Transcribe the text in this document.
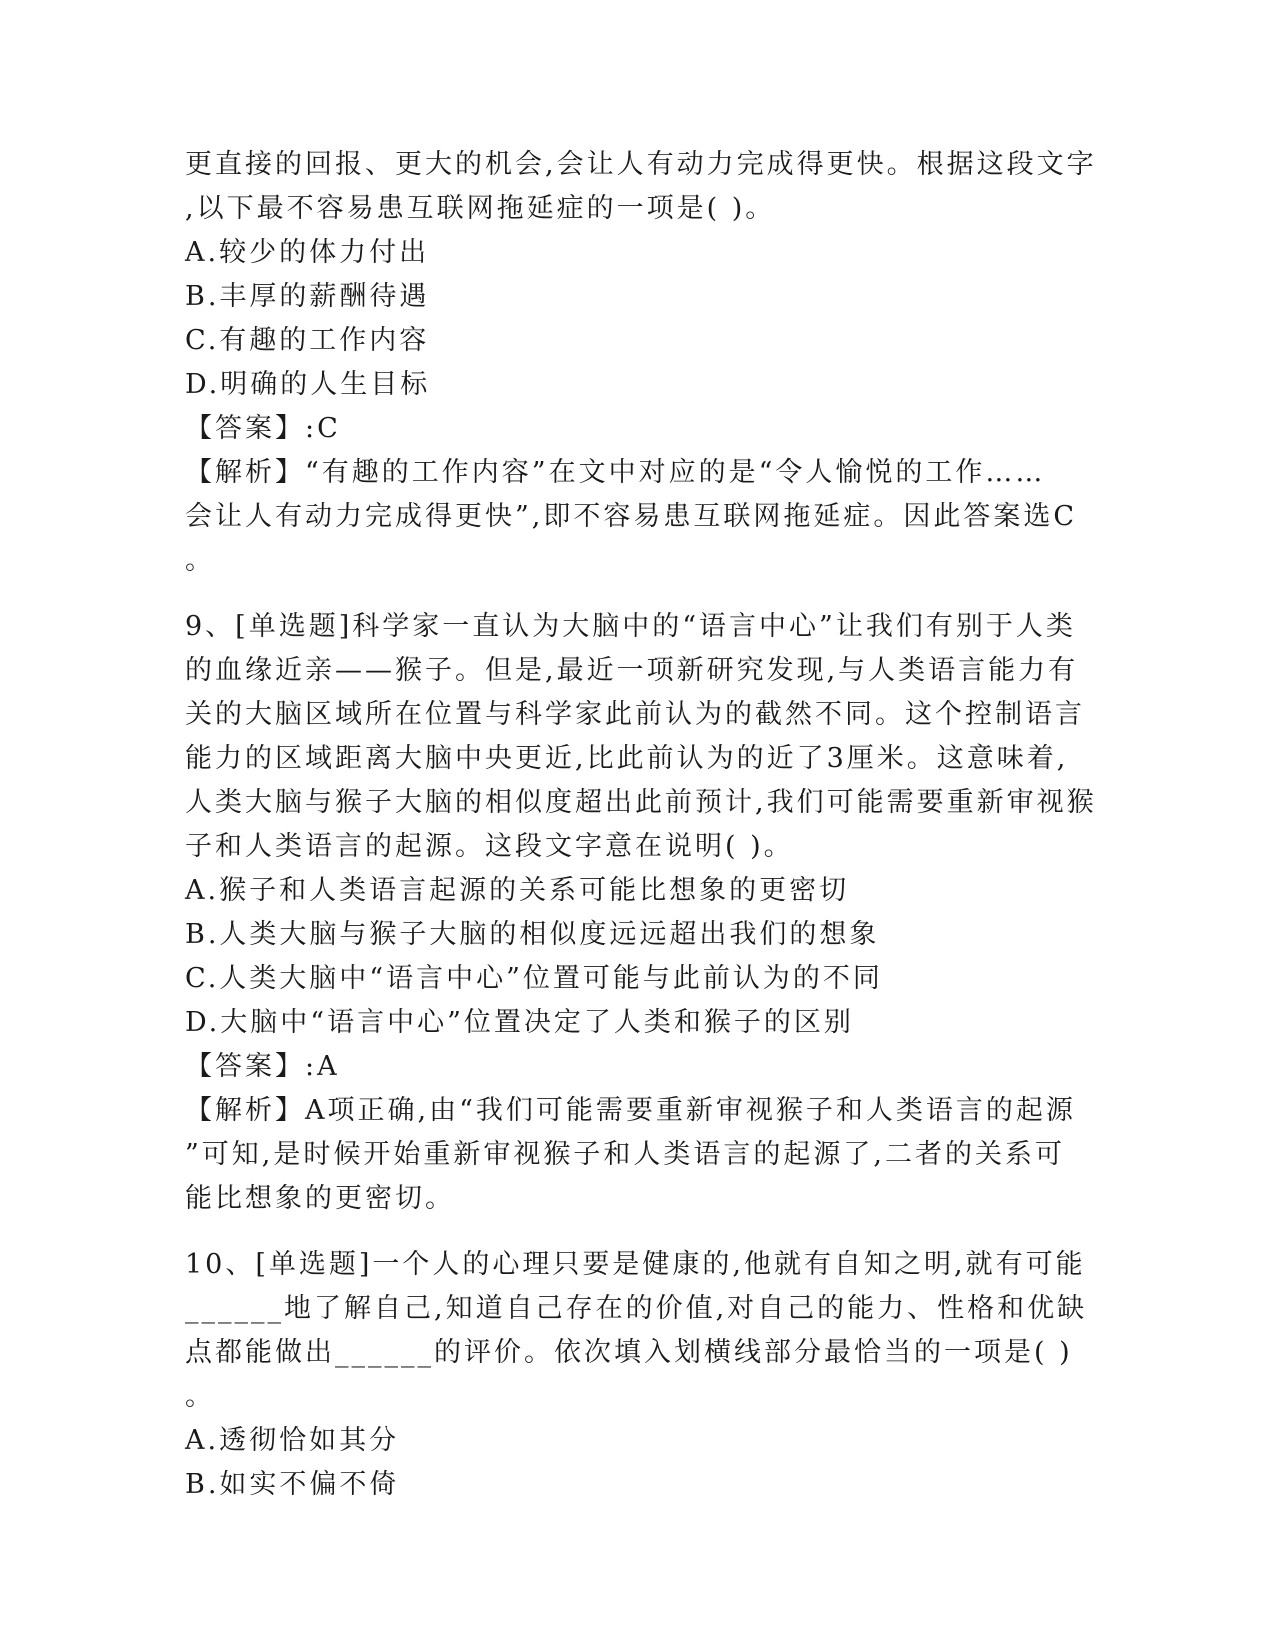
更直接的回报、更大的机会,会让人有动力完成得更快。根据这段文字
,以下最不容易患互联网拖延症的一项是( )。
A.较少的体力付出
B.丰厚的薪酬待遇
C.有趣的工作内容
D.明确的人生目标
【答案】:C
【解析】“有趣的工作内容”在文中对应的是“令人愉悦的工作……
会让人有动力完成得更快”,即不容易患互联网拖延症。因此答案选C
。
9、[单选题]科学家一直认为大脑中的“语言中心”让我们有别于人类
的血缘近亲——猴子。但是,最近一项新研究发现,与人类语言能力有
关的大脑区域所在位置与科学家此前认为的截然不同。这个控制语言
能力的区域距离大脑中央更近,比此前认为的近了3厘米。这意味着,
人类大脑与猴子大脑的相似度超出此前预计,我们可能需要重新审视猴
子和人类语言的起源。这段文字意在说明( )。
A.猴子和人类语言起源的关系可能比想象的更密切
B.人类大脑与猴子大脑的相似度远远超出我们的想象
C.人类大脑中“语言中心”位置可能与此前认为的不同
D.大脑中“语言中心”位置决定了人类和猴子的区别
【答案】:A
【解析】A项正确,由“我们可能需要重新审视猴子和人类语言的起源
”可知,是时候开始重新审视猴子和人类语言的起源了,二者的关系可
能比想象的更密切。
10、[单选题]一个人的心理只要是健康的,他就有自知之明,就有可能
______地了解自己,知道自己存在的价值,对自己的能力、性格和优缺
点都能做出______的评价。依次填入划横线部分最恰当的一项是( )
。
A.透彻恰如其分
B.如实不偏不倚
